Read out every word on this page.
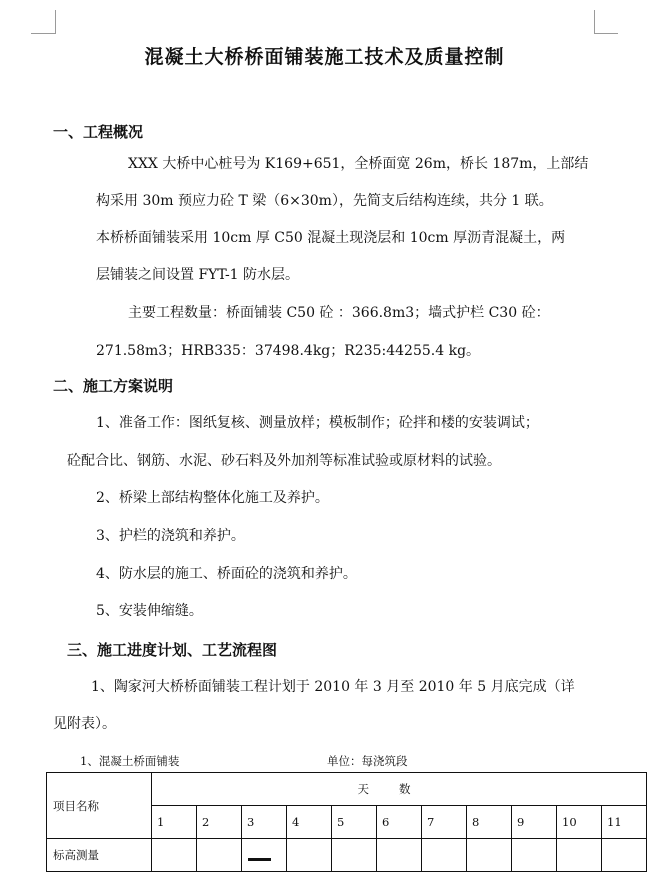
混凝土大桥桥面铺装施工技术及质量控制
一、工程概况
XXX 大桥中心桩号为 K169+651，全桥面宽 26m，桥长 187m，上部结
构采用 30m 预应力砼 T 梁（6×30m），先简支后结构连续，共分 1 联。
本桥桥面铺装采用 10cm 厚 C50 混凝土现浇层和 10cm 厚沥青混凝土，两
层铺装之间设置 FYT-1 防水层。
主要工程数量：桥面铺装 C50 砼 ：366.8m3；墙式护栏 C30 砼：
271.58m3；HRB335：37498.4kg；R235:44255.4 kg。
二、施工方案说明
1、准备工作：图纸复核、测量放样；模板制作；砼拌和楼的安装调试；
砼配合比、钢筋、水泥、砂石料及外加剂等标准试验或原材料的试验。
2、桥梁上部结构整体化施工及养护。
3、护栏的浇筑和养护。
4、防水层的施工、桥面砼的浇筑和养护。
5、安装伸缩缝。
三、施工进度计划、工艺流程图
1、陶家河大桥桥面铺装工程计划于 2010 年 3 月至 2010 年 5 月底完成（详
见附表）。
1、混凝土桥面铺装	单位：每浇筑段
项目名称	天数										
	1	2	3	4	5	6	7	8	9	10	11
标高测量											
